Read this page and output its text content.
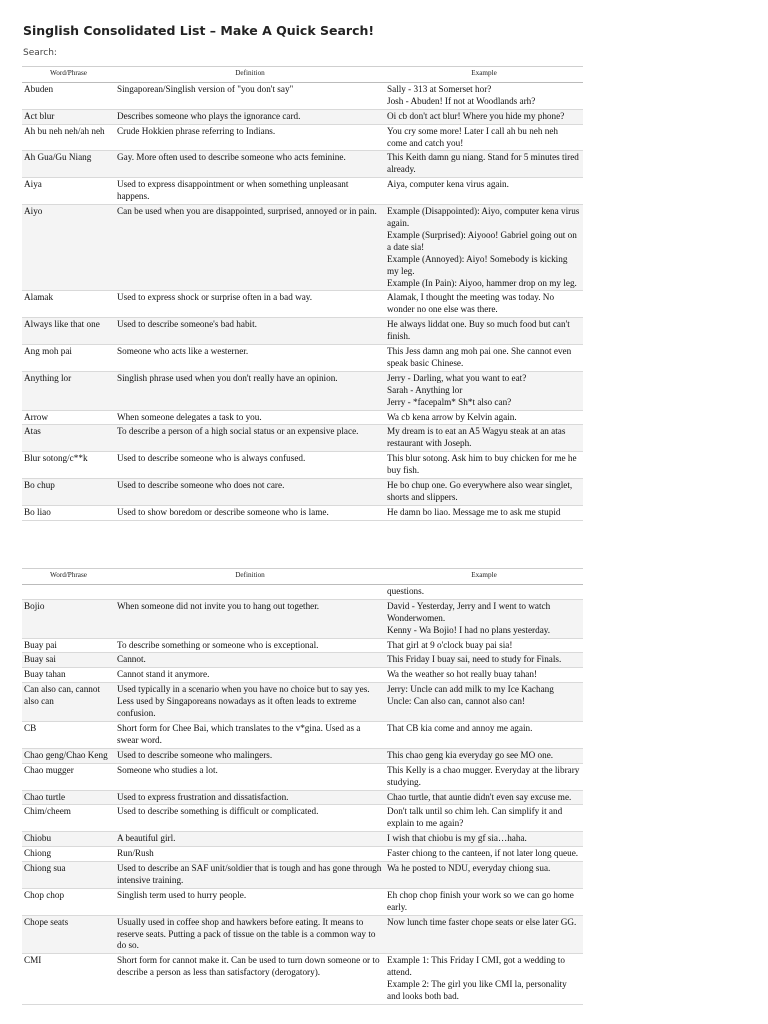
Singlish Consolidated List – Make A Quick Search!
Search:
Word/Phrase	Definition	Example
Abuden	Singaporean/Singlish version of "you don't say"	Sally - 313 at Somerset hor?
Josh - Abuden! If not at Woodlands arh?
Act blur	Describes someone who plays the ignorance card.	Oi cb don't act blur! Where you hide my phone?
Ah bu neh neh/ah neh	Crude Hokkien phrase referring to Indians.	You cry some more! Later I call ah bu neh neh come and catch you!
Ah Gua/Gu Niang	Gay. More often used to describe someone who acts feminine.	This Keith damn gu niang. Stand for 5 minutes tired already.
Aiya	Used to express disappointment or when something unpleasant happens.	Aiya, computer kena virus again.
Aiyo	Can be used when you are disappointed, surprised, annoyed or in pain.	Example (Disappointed): Aiyo, computer kena virus again.
Example (Surprised): Aiyooo! Gabriel going out on a date sia!
Example (Annoyed): Aiyo! Somebody is kicking my leg.
Example (In Pain): Aiyoo, hammer drop on my leg.
Alamak	Used to express shock or surprise often in a bad way.	Alamak, I thought the meeting was today. No wonder no one else was there.
Always like that one	Used to describe someone's bad habit.	He always liddat one. Buy so much food but can't finish.
Ang moh pai	Someone who acts like a westerner.	This Jess damn ang moh pai one. She cannot even speak basic Chinese.
Anything lor	Singlish phrase used when you don't really have an opinion.	Jerry - Darling, what you want to eat?
Sarah - Anything lor
Jerry - *facepalm* Sh*t also can?
Arrow	When someone delegates a task to you.	Wa cb kena arrow by Kelvin again.
Atas	To describe a person of a high social status or an expensive place.	My dream is to eat an A5 Wagyu steak at an atas restaurant with Joseph.
Blur sotong/c**k	Used to describe someone who is always confused.	This blur sotong. Ask him to buy chicken for me he buy fish.
Bo chup	Used to describe someone who does not care.	He bo chup one. Go everywhere also wear singlet, shorts and slippers.
Bo liao	Used to show boredom or describe someone who is lame.	He damn bo liao. Message me to ask me stupid
Word/Phrase	Definition	Example
		questions.
Bojio	When someone did not invite you to hang out together.	David - Yesterday, Jerry and I went to watch Wonderwomen.
Kenny - Wa Bojio! I had no plans yesterday.
Buay pai	To describe something or someone who is exceptional.	That girl at 9 o'clock buay pai sia!
Buay sai	Cannot.	This Friday I buay sai, need to study for Finals.
Buay tahan	Cannot stand it anymore.	Wa the weather so hot really buay tahan!
Can also can, cannot also can	Used typically in a scenario when you have no choice but to say yes. Less used by Singaporeans nowadays as it often leads to extreme confusion.	Jerry: Uncle can add milk to my Ice Kachang
Uncle: Can also can, cannot also can!
CB	Short form for Chee Bai, which translates to the v*gina. Used as a swear word.	That CB kia come and annoy me again.
Chao geng/Chao Keng	Used to describe someone who malingers.	This chao geng kia everyday go see MO one.
Chao mugger	Someone who studies a lot.	This Kelly is a chao mugger. Everyday at the library studying.
Chao turtle	Used to express frustration and dissatisfaction.	Chao turtle, that auntie didn't even say excuse me.
Chim/cheem	Used to describe something is difficult or complicated.	Don't talk until so chim leh. Can simplify it and explain to me again?
Chiobu	A beautiful girl.	I wish that chiobu is my gf sia…haha.
Chiong	Run/Rush	Faster chiong to the canteen, if not later long queue.
Chiong sua	Used to describe an SAF unit/soldier that is tough and has gone through intensive training.	Wa he posted to NDU, everyday chiong sua.
Chop chop	Singlish term used to hurry people.	Eh chop chop finish your work so we can go home early.
Chope seats	Usually used in coffee shop and hawkers before eating. It means to reserve seats. Putting a pack of tissue on the table is a common way to do so.	Now lunch time faster chope seats or else later GG.
CMI	Short form for cannot make it. Can be used to turn down someone or to describe a person as less than satisfactory (derogatory).	Example 1: This Friday I CMI, got a wedding to attend.
Example 2: The girl you like CMI la, personality and looks both bad.
